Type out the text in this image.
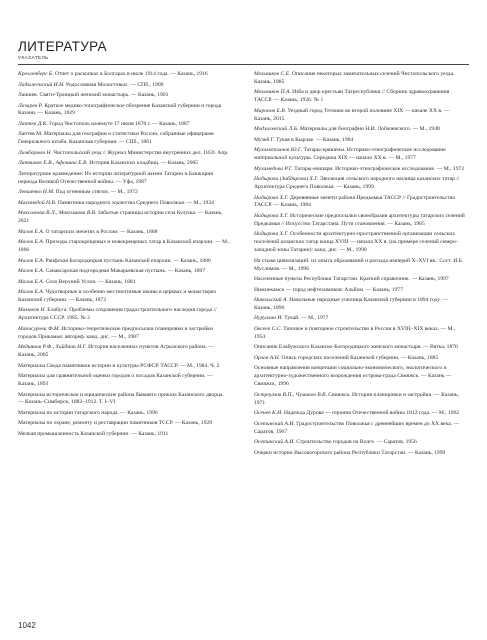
ЛИТЕРАТУРА
УКАЗАТЕЛЬ
Крелленберг Б. Отчет о раскопках в Болгарах в июле 1914 года. — Казань, 1916
Ладыженский И.Н. Родословная Молостовых. — СПб., 1909
Лаишев. Святи-Троицкий женский монастырь. — Казань, 1901
Лазарев Р. Краткое медико-топографическое обозрение Казанской губернии и города Казани. — Казань, 1829
Лаптев Д.К. Город Чистополь наземуте 17 июня 1870 г. — Казань, 1887
Лаптев М. Материалы для географии и статистики России, собранные офицерами Генерального штаба. Казанская губерния. — СПб., 1861
Лимберман Н. Чистопольский уезд // Журнал Министерства внутренних дел. 1859. Апр.
Литвинов Е.В., Афонина Е.В. История Казанских кладбищ. — Казань, 2005
Литературное краеведение: Из истории литературной жизни Татарии и Башкирии периода Великой Отечественной войны. — Уфа, 1987
Левшенко Н.М. Под огненным стягом. — М., 1972
Махомедой Н.В. Памятники народного зодчества Среднего Поволжья. — М., 1934
Максимова В.Л., Максимова В.В. Забытые страницы истории села Кулуша. — Казань, 2021
Малов Е.А. О татарских мечетях в России. — Казань, 1868
Малов Е.А. Приходы старокрещеных и новокрещеных татар в Казанской епархии. — М., 1866
Малов Е.А. Раифская Богородицкая пустынь Казанской епархии. — Казань, 1880
Малов Е.А. Санаксарская подгородная Макарьевская пустынь. — Казань, 1897
Малов Е.А. Село Верхний Услон. — Казань, 1881
Малов Е.А. Чудотворные и особенно местночтимые иконы в церквах и монастырях Казанской губернии. — Казань, 1872
Мамеков Н. Елабуга: Проблемы сохранения градостроительного наследия города // Архитектура СССР. 1985. № 2
Манжурова Ф.М. Историко-теоретические предпосылки планировки и застройки городов Прикамья: автореф. канд. дис. — М., 1987
Медиянов Р.Ф., Хайдина Н.Г. История населенных пунктов Агрызского района. — Казань, 2005
Материалы Свода памятников истории и культуры РСФСР. ТАССР. — М., 1984. Ч. 2
Материалы для сравнительной оценки городов о посадов Казанской губернии. — Казань, 1893
Материалы историческое и юридические района бывшего приказа Казанского дворца. — Казань–Симбирск, 1882–1912. Т. I–VI
Материалы по истории татарского народа. — Казань, 1996
Материалы по охране, ремонту и реставрации памятников ТССР. — Казань, 1929
Мелкая промышленность Казанской губернии. — Казань, 1911
Мельников С.Е. Описание некоторых замечательных селений Чистопольского уезда. Казань, 1885
Мельников П.А. Изба и двор крестьян Татреспублики // Сборник здравоохранения ТАССР. — Казань, 1926. № 1
Миронов Е.В. Уездный город Тетюши во второй половине XIX — начале XX в. — Казань, 2015
Модзалевский Л.Б. Материалы для биографии Н.И. Лобачевского. — М., 1948
Музей Г. Тукая в Кырлае. — Казань, 1984
Мухаметзанов Ю.Г. Татары-кряшены. Историко-этнографическое исследование материальной культуры. Середина XIX — начало XX в. — М., 1977
Мухамедова Р.Г. Татары-мишари. Историко-этнографическое исследование. — М., 1972
Надырова (Зибдирова) Х.Г. Эволюция сельского народного жилища казанских татар // Архитектура Среднего Поволжья. — Казань, 1999
Надырова Х.Г. Деревянные мечети района Предкамья ТАССР // Градостроительство ТАССР. — Казань, 1984
Надырова Х.Г. Исторические предпосылки своеобразия архитектуры татарских селений Предкамья // Искусство Татарстана: Пути становления. — Казань, 1985
Надырова Х.Г. Особенности архитектурно-пространственной организации сельских поселений казанских татар конца XVIII — начала XX в. (на примере селений северо-западной зоны Татарии): канд. дис. — М., 1990
На стыке цивилизаций: из опыта образований и распада империй X–XVI вв.: Сост. И.Б. Муслимов. — М., 1996
Населенные пункты Республики Татарстан. Краткий справочник. — Казань, 1997
Нижнекамск — город нефтехимиков: Альбом. — Казань, 1977
Никольский А. Начальные народные училища Казанской губернии в 1894 году. — Казань, 1896
Нуруллин И. Тукай. — М., 1977
Овсеев С.С. Типовое и повторное строительство в России в XVIII–XIX веках. — М., 1954
Описание Елабужского Казанско-Богородицкого женского монастыря. — Вятка, 1870
Орлов А.Н. Опись городских поселений Казанской губернии. — Казань, 1885
Основные направления концепции социально-экономического, экологического и архитектурно-художественного возрождения острова-града Свияжск. — Казань — Свияжск, 1996
Остроумов В.П., Чумаков В.В. Свияжск. История планировки и застройки. — Казань, 1971
Осенев К.И. Надежда Дурова — героиня Отечественной войны 1812 года. — М., 1962
Осетинский А.И. Градостроительство Поволжья с древнейших времен до XX века. — Саратов, 1967
Осетинский А.И. Строительство городов на Волге. — Саратов, 1956
Очерки истории Высокогорского района Республики Татарстан. — Казань, 1999
1042
